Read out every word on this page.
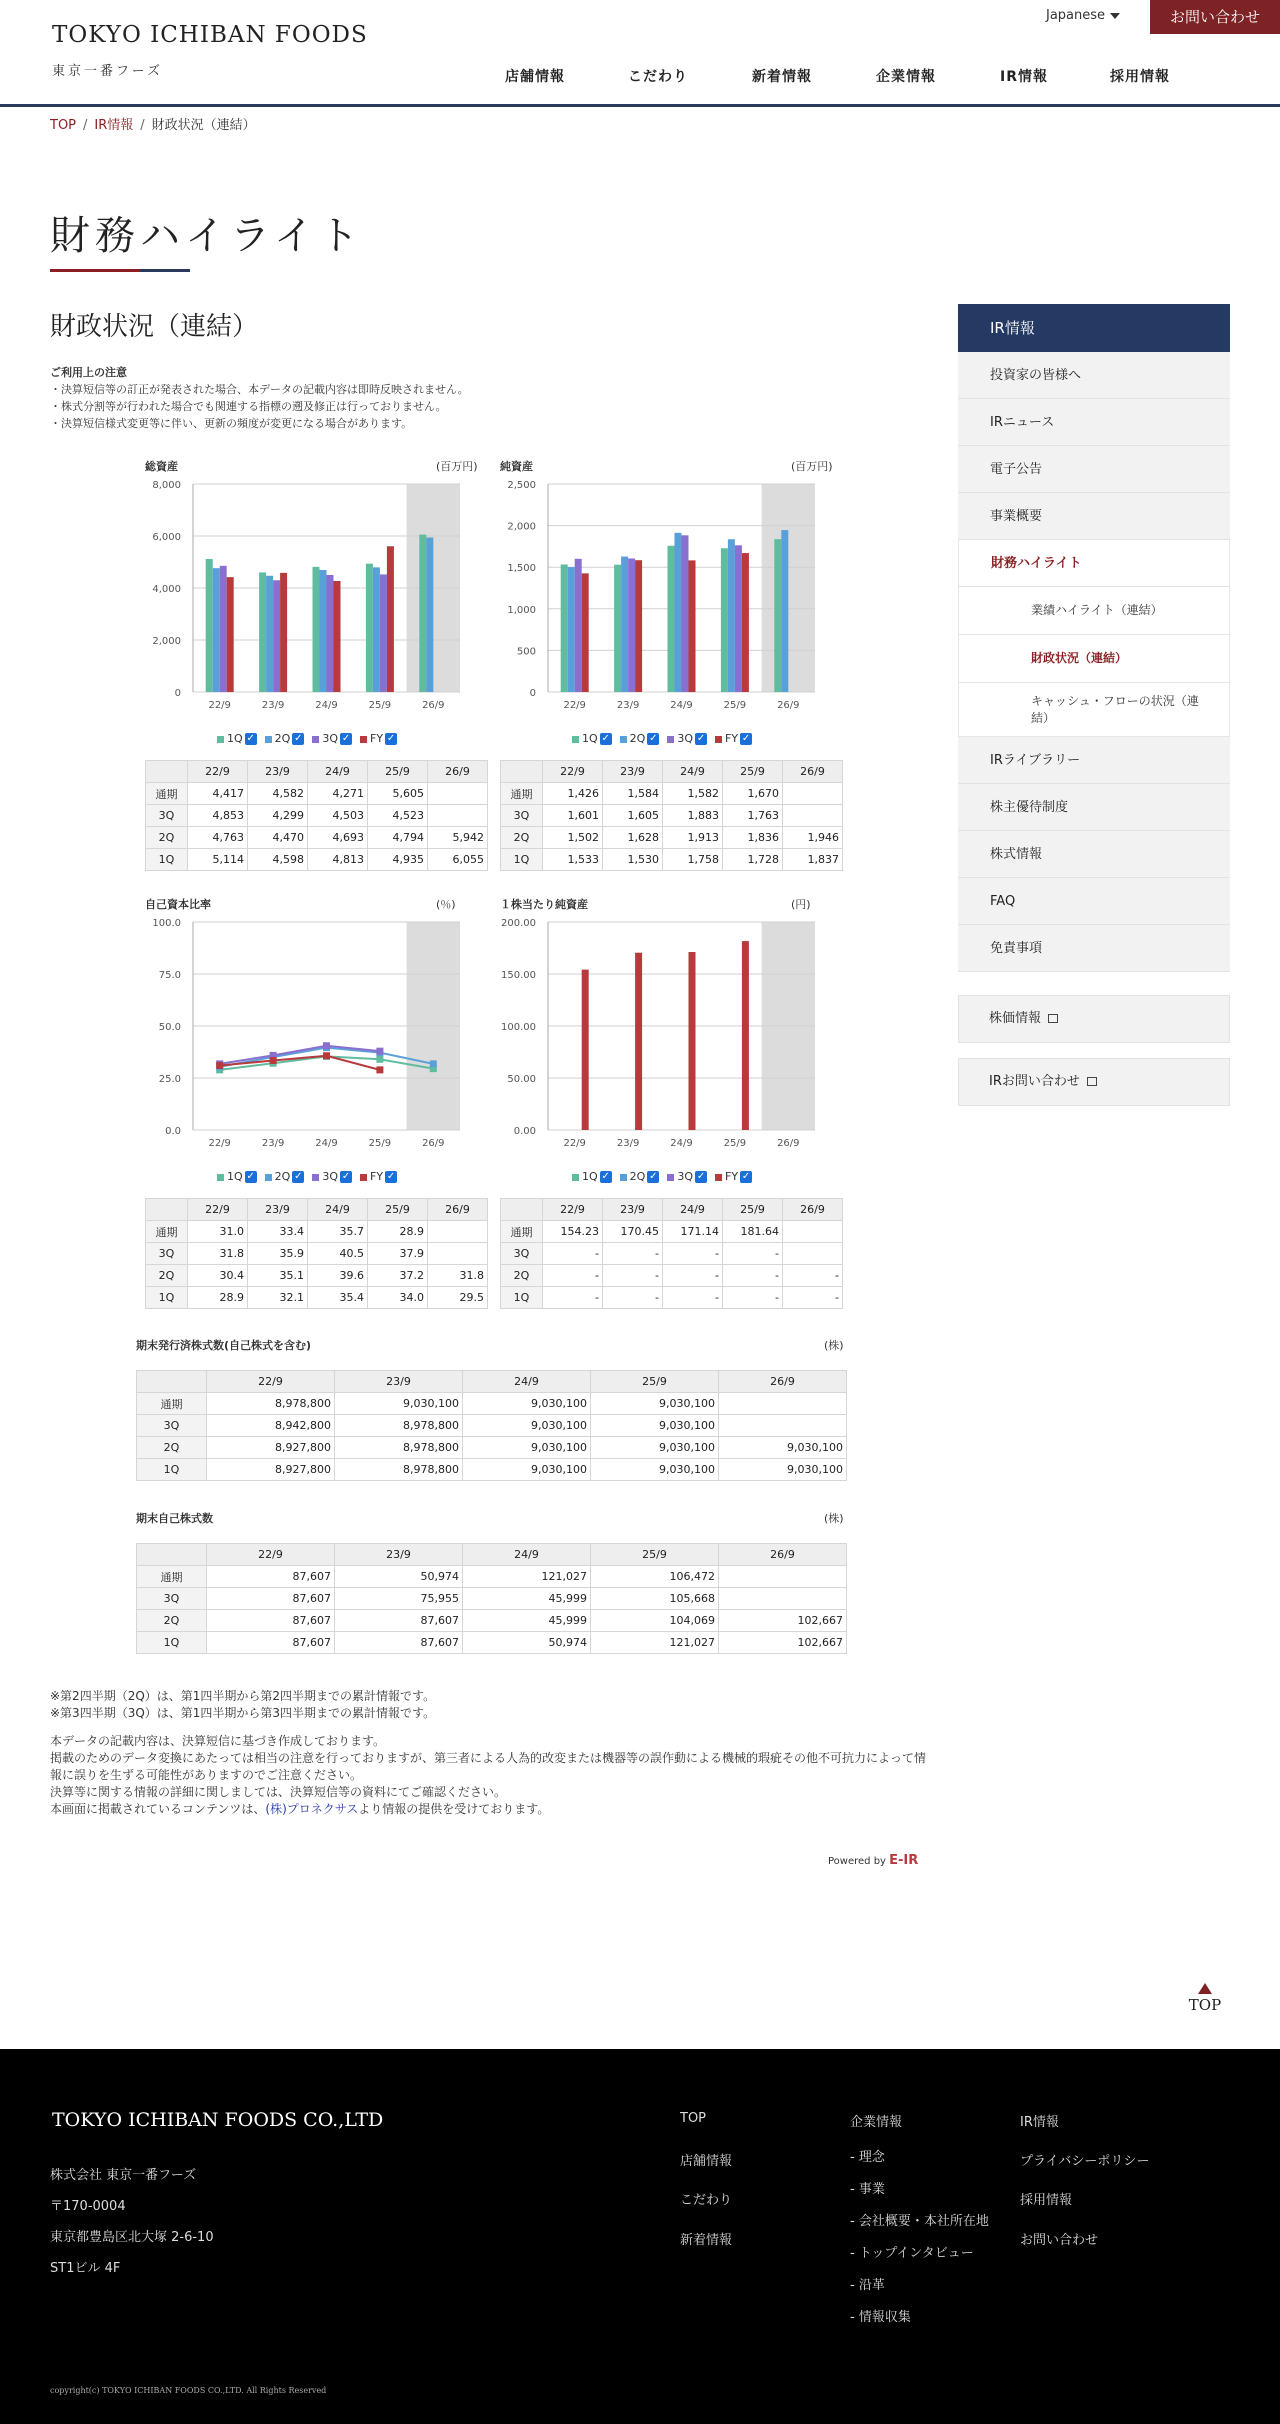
TOKYO ICHIBAN FOODS
東京一番フーズ
Japanese	お問い合わせ
店舗情報	こだわり	新着情報	企業情報	IR情報	採用情報
TOP / IR情報 / 財政状況（連結）
財務ハイライト
財政状況（連結）
ご利用上の注意
・決算短信等の訂正が発表された場合、本データの記載内容は即時反映されません。
・株式分割等が行われた場合でも関連する指標の遡及修正は行っておりません。
・決算短信様式変更等に伴い、更新の頻度が変更になる場合があります。
総資産	(百万円)
0
2,000
4,000
6,000
8,000
22/9	23/9	24/9	25/9	26/9
1Q ✓ 2Q ✓ 3Q ✓ FY ✓
	22/9	23/9	24/9	25/9	26/9
通期	4,417	4,582	4,271	5,605	
3Q	4,853	4,299	4,503	4,523	
2Q	4,763	4,470	4,693	4,794	5,942
1Q	5,114	4,598	4,813	4,935	6,055
純資産	(百万円)
0
500
1,000
1,500
2,000
2,500
22/9	23/9	24/9	25/9	26/9
1Q ✓ 2Q ✓ 3Q ✓ FY ✓
	22/9	23/9	24/9	25/9	26/9
通期	1,426	1,584	1,582	1,670	
3Q	1,601	1,605	1,883	1,763	
2Q	1,502	1,628	1,913	1,836	1,946
1Q	1,533	1,530	1,758	1,728	1,837
自己資本比率	(％)
0.0
25.0
50.0
75.0
100.0
22/9	23/9	24/9	25/9	26/9
1Q ✓ 2Q ✓ 3Q ✓ FY ✓
	22/9	23/9	24/9	25/9	26/9
通期	31.0	33.4	35.7	28.9	
3Q	31.8	35.9	40.5	37.9	
2Q	30.4	35.1	39.6	37.2	31.8
1Q	28.9	32.1	35.4	34.0	29.5
１株当たり純資産	(円)
0.00
50.00
100.00
150.00
200.00
22/9	23/9	24/9	25/9	26/9
1Q ✓ 2Q ✓ 3Q ✓ FY ✓
	22/9	23/9	24/9	25/9	26/9
通期	154.23	170.45	171.14	181.64	
3Q	-	-	-	-	
2Q	-	-	-	-	-
1Q	-	-	-	-	-
期末発行済株式数(自己株式を含む)	(株)
	22/9	23/9	24/9	25/9	26/9
通期	8,978,800	9,030,100	9,030,100	9,030,100	
3Q	8,942,800	8,978,800	9,030,100	9,030,100	
2Q	8,927,800	8,978,800	9,030,100	9,030,100	9,030,100
1Q	8,927,800	8,978,800	9,030,100	9,030,100	9,030,100
期末自己株式数	(株)
	22/9	23/9	24/9	25/9	26/9
通期	87,607	50,974	121,027	106,472	
3Q	87,607	75,955	45,999	105,668	
2Q	87,607	87,607	45,999	104,069	102,667
1Q	87,607	87,607	50,974	121,027	102,667
※第2四半期（2Q）は、第1四半期から第2四半期までの累計情報です。
※第3四半期（3Q）は、第1四半期から第3四半期までの累計情報です。
本データの記載内容は、決算短信に基づき作成しております。
掲載のためのデータ変換にあたっては相当の注意を行っておりますが、第三者による人為的改変または機器等の誤作動による機械的瑕疵その他不可抗力によって情
報に誤りを生ずる可能性がありますのでご注意ください。
決算等に関する情報の詳細に関しましては、決算短信等の資料にてご確認ください。
本画面に掲載されているコンテンツは、(株)プロネクサスより情報の提供を受けております。
Powered by E-IR
IR情報
投資家の皆様へ
IRニュース
電子公告
事業概要
財務ハイライト
業績ハイライト（連結）
財政状況（連結）
キャッシュ・フローの状況（連結）
IRライブラリー
株主優待制度
株式情報
FAQ
免責事項
株価情報
IRお問い合わせ
TOP
TOKYO ICHIBAN FOODS CO.,LTD
株式会社 東京一番フーズ
〒170-0004
東京都豊島区北大塚 2-6-10
ST1ビル 4F
TOP
店舗情報
こだわり
新着情報
企業情報
- 理念
- 事業
- 会社概要・本社所在地
- トップインタビュー
- 沿革
- 情報収集
IR情報
プライバシーポリシー
採用情報
お問い合わせ
copyright(c) TOKYO ICHIBAN FOODS CO.,LTD. All Rights Reserved
